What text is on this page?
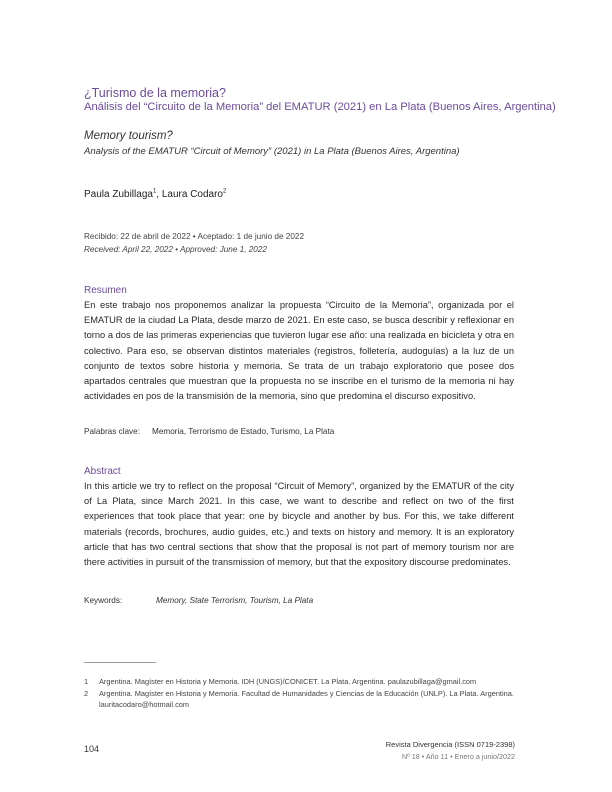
¿Turismo de la memoria?
Análisis del “Circuito de la Memoria” del EMATUR (2021) en La Plata (Buenos Aires, Argentina)
Memory tourism?
Analysis of the EMATUR “Circuit of Memory” (2021) in La Plata (Buenos Aires, Argentina)
Paula Zubillaga$^1$, Laura Codaro$^2$
Recibido: 22 de abril de 2022 • Aceptado: 1 de junio de 2022
Received: April 22, 2022 • Approved: June 1, 2022
Resumen
En este trabajo nos proponemos analizar la propuesta “Circuito de la Memoria”, organizada por el EMATUR de la ciudad La Plata, desde marzo de 2021. En este caso, se busca describir y reflexionar en torno a dos de las primeras experiencias que tuvieron lugar ese año: una realizada en bicicleta y otra en colectivo. Para eso, se observan distintos materiales (registros, folletería, audoguías) a la luz de un conjunto de textos sobre historia y memoria. Se trata de un trabajo exploratorio que posee dos apartados centrales que muestran que la propuesta no se inscribe en el turismo de la memoria ni hay actividades en pos de la transmisión de la memoria, sino que predomina el discurso expositivo.
Palabras clave: Memoria, Terrorismo de Estado, Turismo, La Plata
Abstract
In this article we try to reflect on the proposal “Circuit of Memory”, organized by the EMATUR of the city of La Plata, since March 2021. In this case, we want to describe and reflect on two of the first experiences that took place that year: one by bicycle and another by bus. For this, we take different materials (records, brochures, audio guides, etc.) and texts on history and memory. It is an exploratory article that has two central sections that show that the proposal is not part of memory tourism nor are there activities in pursuit of the transmission of memory, but that the expository discourse predominates.
Keywords:	Memory, State Terrorism, Tourism, La Plata
1 Argentina. Magíster en Historia y Memoria. IDH (UNGS)/CONICET. La Plata. Argentina. paulazubillaga@gmail.com
2 Argentina. Magíster en Historia y Memoria. Facultad de Humanidades y Ciencias de la Educación (UNLP). La Plata. Argentina. lauritacodaro@hotmail.com
104	Revista Divergencia (ISSN 0719-2398)
Nº 18 • Año 11 • Enero a junio/2022
